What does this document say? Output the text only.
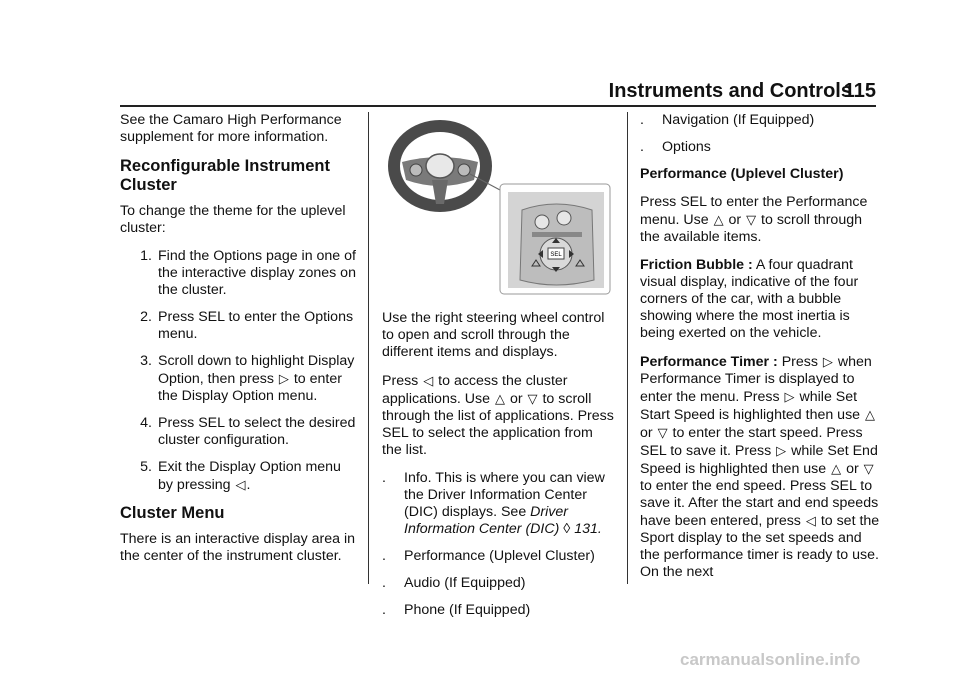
Instruments and Controls
115

See the Camaro High Performance supplement for more information.

Reconfigurable Instrument Cluster

To change the theme for the uplevel cluster:

1. Find the Options page in one of the interactive display zones on the cluster.
2. Press SEL to enter the Options menu.
3. Scroll down to highlight Display Option, then press ▷ to enter the Display Option menu.
4. Press SEL to select the desired cluster configuration.
5. Exit the Display Option menu by pressing ◁.
Cluster Menu

There is an interactive display area in the center of the instrument cluster.

SEL

Use the right steering wheel control to open and scroll through the different items and displays.

Press ◁ to access the cluster applications. Use △ or ▽ to scroll through the list of applications. Press SEL to select the application from the list.

.	Info. This is where you can view the Driver Information Center (DIC) displays. See Driver Information Center (DIC) ◊ 131.
.	Performance (Uplevel Cluster)
.	Audio (If Equipped)
.	Phone (If Equipped)
.	Navigation (If Equipped)
.	Options

Performance (Uplevel Cluster)

Press SEL to enter the Performance menu. Use △ or ▽ to scroll through the available items.

Friction Bubble : A four quadrant visual display, indicative of the four corners of the car, with a bubble showing where the most inertia is being exerted on the vehicle.

Performance Timer : Press ▷ when Performance Timer is displayed to enter the menu. Press ▷ while Set Start Speed is highlighted then use △ or ▽ to enter the start speed. Press SEL to save it. Press ▷ while Set End Speed is highlighted then use △ or ▽ to enter the end speed. Press SEL to save it. After the start and end speeds have been entered, press ◁ to set the Sport display to the set speeds and the performance timer is ready to use. On the next

carmanualsonline.info
